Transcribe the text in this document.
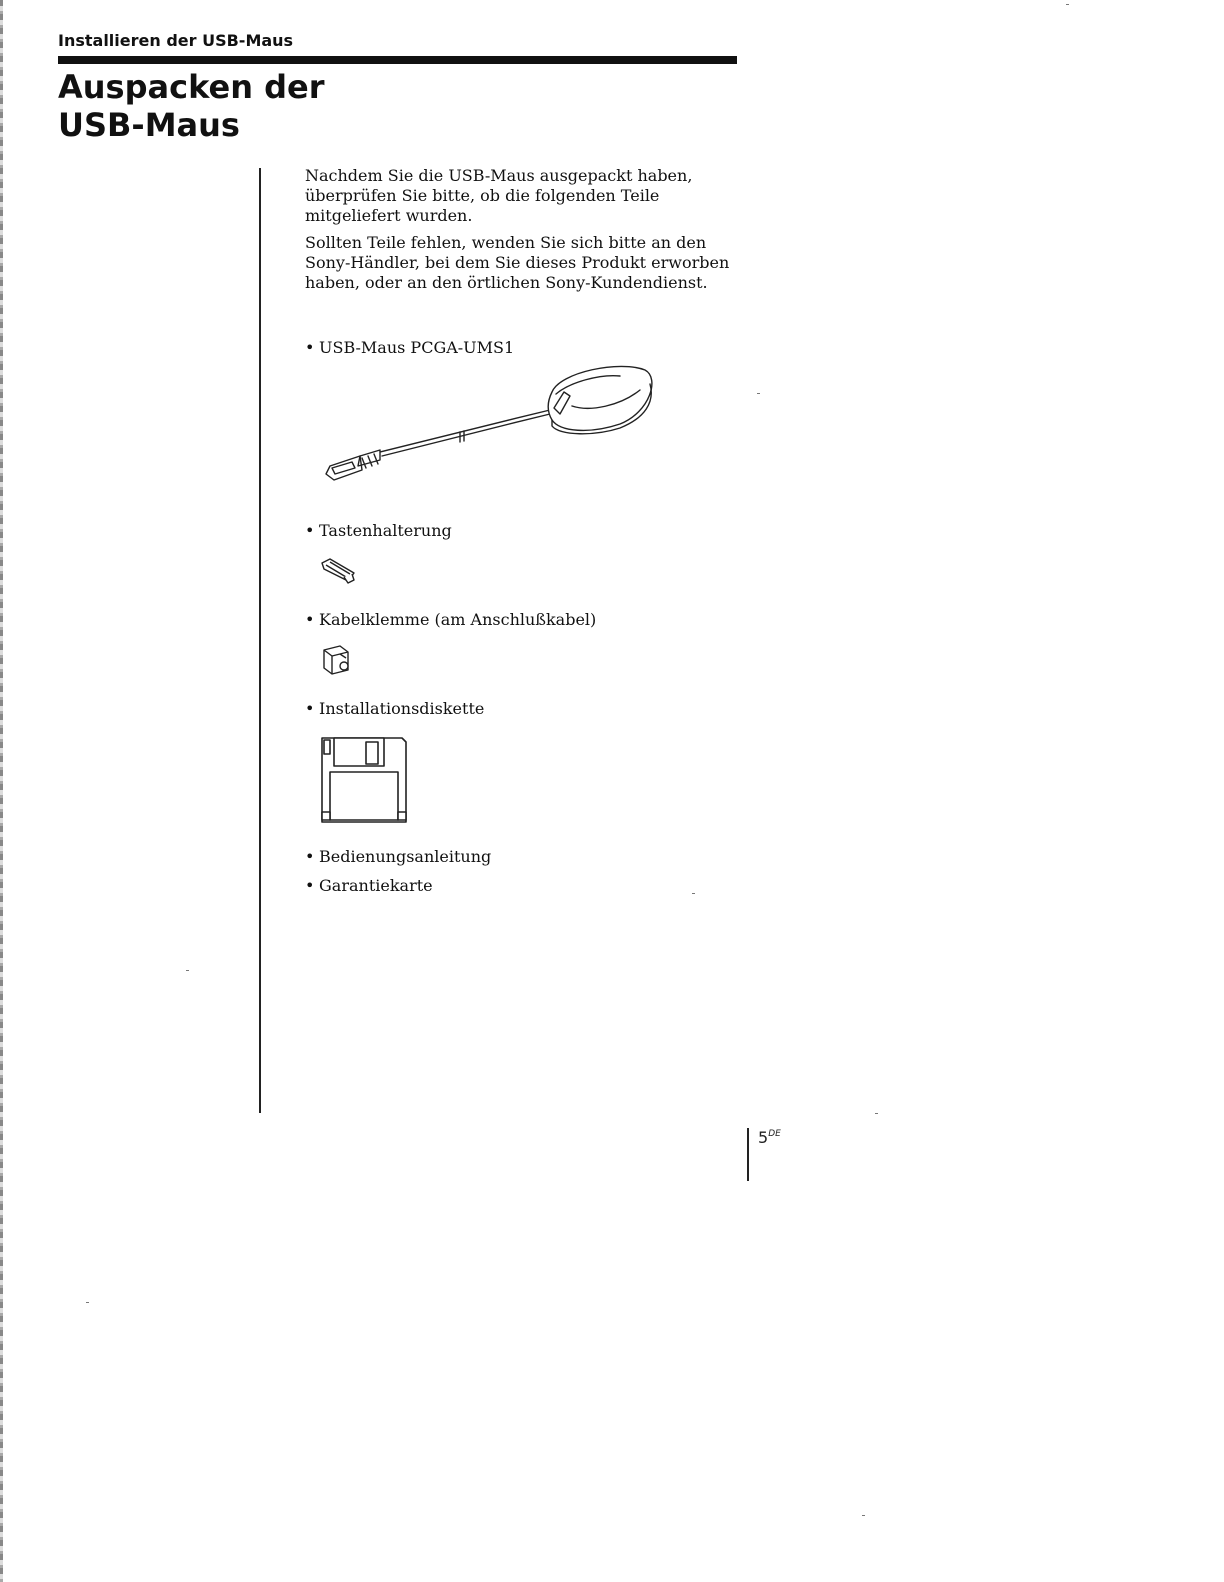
Installieren der USB-Maus
Auspacken der
USB-Maus

Nachdem Sie die USB-Maus ausgepackt haben,
überprüfen Sie bitte, ob die folgenden Teile
mitgeliefert wurden.

Sollten Teile fehlen, wenden Sie sich bitte an den
Sony-Händler, bei dem Sie dieses Produkt erworben
haben, oder an den örtlichen Sony-Kundendienst.

• USB-Maus PCGA-UMS1
• Tastenhalterung
• Kabelklemme (am Anschlußkabel)
• Installationsdiskette
• Bedienungsanleitung
• Garantiekarte
5DE
